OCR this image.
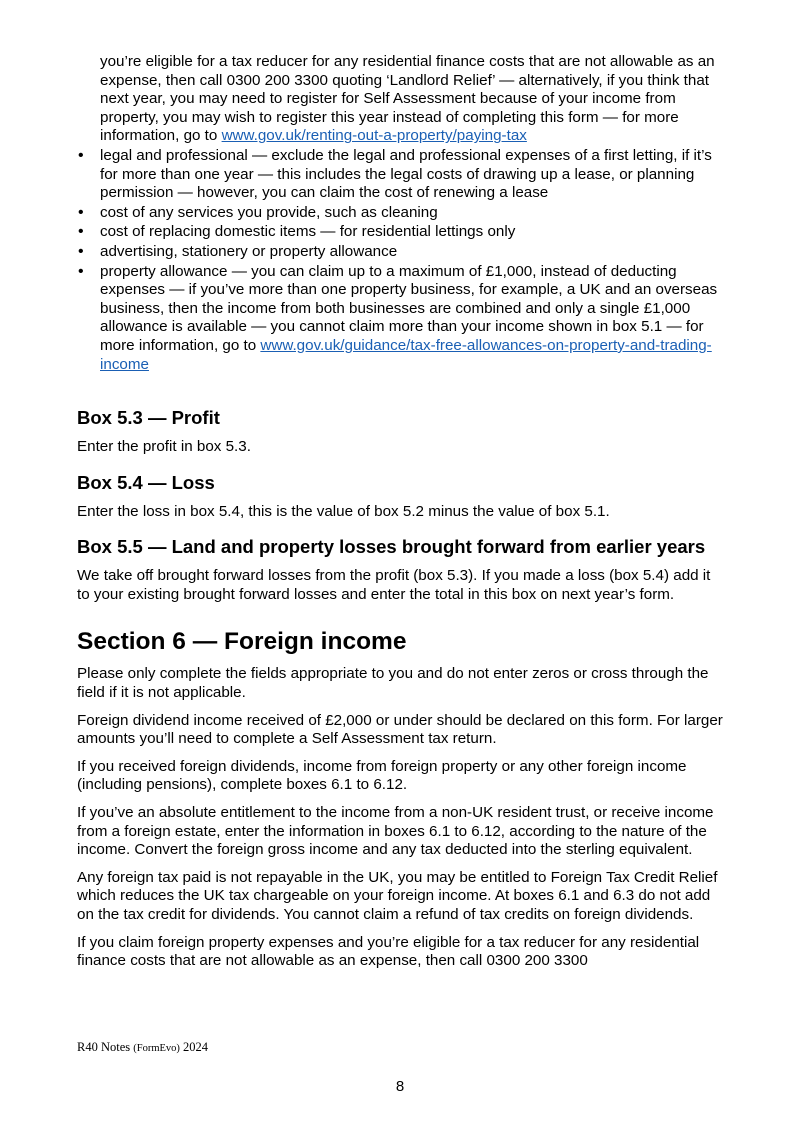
you’re eligible for a tax reducer for any residential finance costs that are not allowable as an expense, then call 0300 200 3300 quoting ‘Landlord Relief’ — alternatively, if you think that next year, you may need to register for Self Assessment because of your income from property, you may wish to register this year instead of completing this form — for more information, go to www.gov.uk/renting-out-a-property/paying-tax

• legal and professional — exclude the legal and professional expenses of a first letting, if it’s for more than one year — this includes the legal costs of drawing up a lease, or planning permission — however, you can claim the cost of renewing a lease
• cost of any services you provide, such as cleaning
• cost of replacing domestic items — for residential lettings only
• advertising, stationery or property allowance
• property allowance — you can claim up to a maximum of £1,000, instead of deducting expenses — if you’ve more than one property business, for example, a UK and an overseas business, then the income from both businesses are combined and only a single £1,000 allowance is available — you cannot claim more than your income shown in box 5.1 — for more information, go to www.gov.uk/guidance/tax-free-allowances-on-property-and-trading-income
Box 5.3 — Profit

Enter the profit in box 5.3.

Box 5.4 — Loss

Enter the loss in box 5.4, this is the value of box 5.2 minus the value of box 5.1.

Box 5.5 — Land and property losses brought forward from earlier years

We take off brought forward losses from the profit (box 5.3). If you made a loss (box 5.4) add it to your existing brought forward losses and enter the total in this box on next year’s form.

Section 6 — Foreign income

Please only complete the fields appropriate to you and do not enter zeros or cross through the field if it is not applicable.

Foreign dividend income received of £2,000 or under should be declared on this form. For larger amounts you’ll need to complete a Self Assessment tax return.

If you received foreign dividends, income from foreign property or any other foreign income (including pensions), complete boxes 6.1 to 6.12.

If you’ve an absolute entitlement to the income from a non-UK resident trust, or receive income from a foreign estate, enter the information in boxes 6.1 to 6.12, according to the nature of the income. Convert the foreign gross income and any tax deducted into the sterling equivalent.

Any foreign tax paid is not repayable in the UK, you may be entitled to Foreign Tax Credit Relief which reduces the UK tax chargeable on your foreign income. At boxes 6.1 and 6.3 do not add on the tax credit for dividends. You cannot claim a refund of tax credits on foreign dividends.

If you claim foreign property expenses and you’re eligible for a tax reducer for any residential finance costs that are not allowable as an expense, then call 0300 200 3300

R40 Notes (FormEvo) 2024
8
